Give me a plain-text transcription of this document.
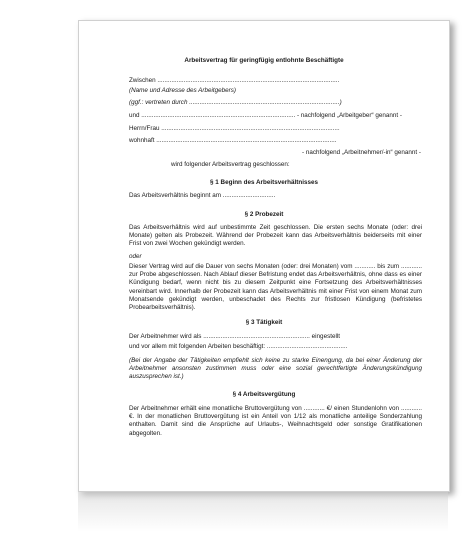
Arbeitsvertrag für geringfügig entlohnte Beschäftigte
Zwischen ........................................................................................................
(Name und Adresse des Arbeitgebers)
(ggf.: vertreten durch ......................................................................................)
und ........................................................................................ - nachfolgend „Arbeitgeber“ genannt -
Herrn/Frau ......................................................................................................
wohnhaft .......................................................................................................
- nachfolgend „Arbeitnehmer/-in“ genannt -
wird folgender Arbeitsvertrag geschlossen:
§ 1 Beginn des Arbeitsverhältnisses
Das Arbeitsverhältnis beginnt am ..............................
§ 2 Probezeit
Das Arbeitsverhältnis wird auf unbestimmte Zeit geschlossen. Die ersten sechs Monate (oder: drei Monate) gelten als Probezeit. Während der Probezeit kann das Arbeitsverhältnis beiderseits mit einer Frist von zwei Wochen gekündigt werden.
oder
Dieser Vertrag wird auf die Dauer von sechs Monaten (oder: drei Monaten) vom ............ bis zum ............ zur Probe abgeschlossen. Nach Ablauf dieser Befristung endet das Arbeitsverhältnis, ohne dass es einer Kündigung bedarf, wenn nicht bis zu diesem Zeitpunkt eine Fortsetzung des Arbeitsverhältnisses vereinbart wird. Innerhalb der Probezeit kann das Arbeitsverhältnis mit einer Frist von einem Monat zum Monatsende gekündigt werden, unbeschadet des Rechts zur fristlosen Kündigung (befristetes Probearbeitsverhältnis).
§ 3 Tätigkeit
Der Arbeitnehmer wird als ............................................................. eingestellt
und vor allem mit folgenden Arbeiten beschäftigt: ..............................................
(Bei der Angabe der Tätigkeiten empfiehlt sich keine zu starke Einengung, da bei einer Änderung der Arbeitnehmer ansonsten zustimmen muss oder eine sozial gerechtfertigte Änderungskündigung auszusprechen ist.)
§ 4 Arbeitsvergütung
Der Arbeitnehmer erhält eine monatliche Bruttovergütung von ............ €/ einen Stundenlohn von ............ €. In der monatlichen Bruttovergütung ist ein Anteil von 1/12 als monatliche anteilige Sonderzahlung enthalten. Damit sind die Ansprüche auf Urlaubs-, Weihnachtsgeld oder sonstige Gratifikationen abgegolten.
